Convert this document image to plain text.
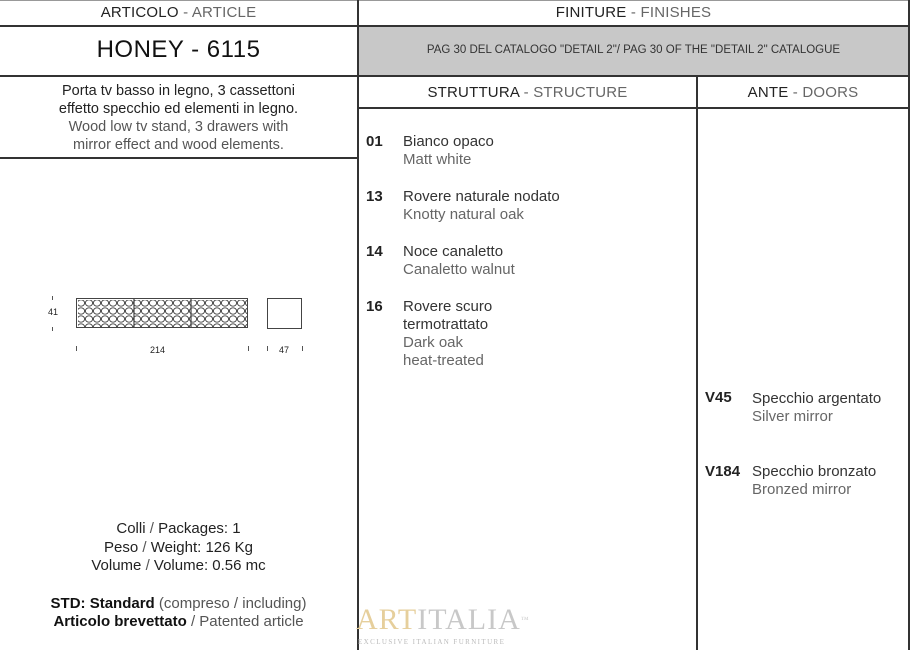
ARTICOLO - ARTICLE	FINITURE - FINISHES
HONEY - 6115	PAG 30 DEL CATALOGO "DETAIL 2"/ PAG 30 OF THE "DETAIL 2" CATALOGUE
Porta tv basso in legno, 3 cassettoni
effetto specchio ed elementi in legno.
Wood low tv stand, 3 drawers with
mirror effect and wood elements.
STRUTTURA - STRUCTURE	ANTE - DOORS
01 Bianco opaco
Matt white
13 Rovere naturale nodato
Knotty natural oak
14 Noce canaletto
Canaletto walnut
16 Rovere scuro
termotrattato
Dark oak
heat-treated
V45 Specchio argentato
Silver mirror
V184 Specchio bronzato
Bronzed mirror
41
214	47
Colli / Packages: 1
Peso / Weight: 126 Kg
Volume / Volume: 0.56 mc
STD: Standard (compreso / including)
Articolo brevettato / Patented article	ARTITALIA™
EXCLUSIVE ITALIAN FURNITURE
